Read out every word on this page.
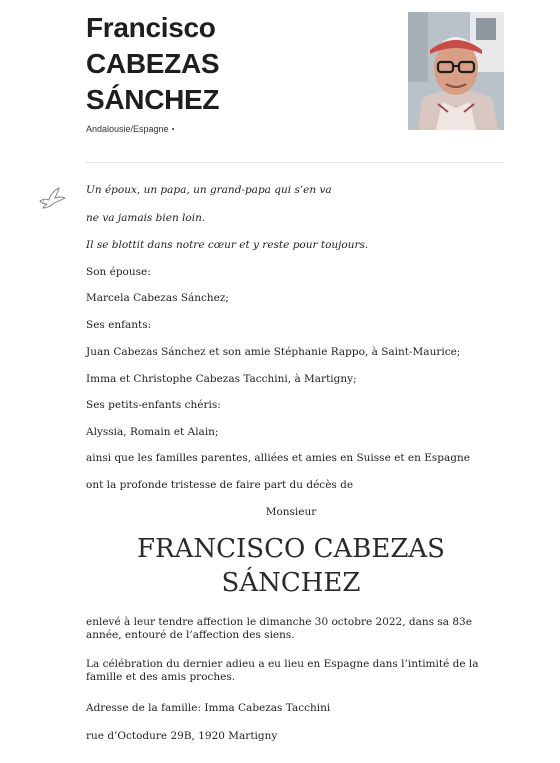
Francisco
CABEZAS
SÁNCHEZ
Andalousie/Espagne

Un époux, un papa, un grand-papa qui s’en va

ne va jamais bien loin.

Il se blottit dans notre cœur et y reste pour toujours.

Son épouse:

Marcela Cabezas Sánchez;

Ses enfants:

Juan Cabezas Sánchez et son amie Stéphanie Rappo, à Saint-Maurice;

Imma et Christophe Cabezas Tacchini, à Martigny;

Ses petits-enfants chéris:

Alyssia, Romain et Alain;

ainsi que les familles parentes, alliées et amies en Suisse et en Espagne

ont la profonde tristesse de faire part du décès de

Monsieur

FRANCISCO CABEZAS
SÁNCHEZ

enlevé à leur tendre affection le dimanche 30 octobre 2022, dans sa 83e année, entouré de l’affection des siens.

La célébration du dernier adieu a eu lieu en Espagne dans l’intimité de la famille et des amis proches.

Adresse de la famille: Imma Cabezas Tacchini

rue d’Octodure 29B, 1920 Martigny
